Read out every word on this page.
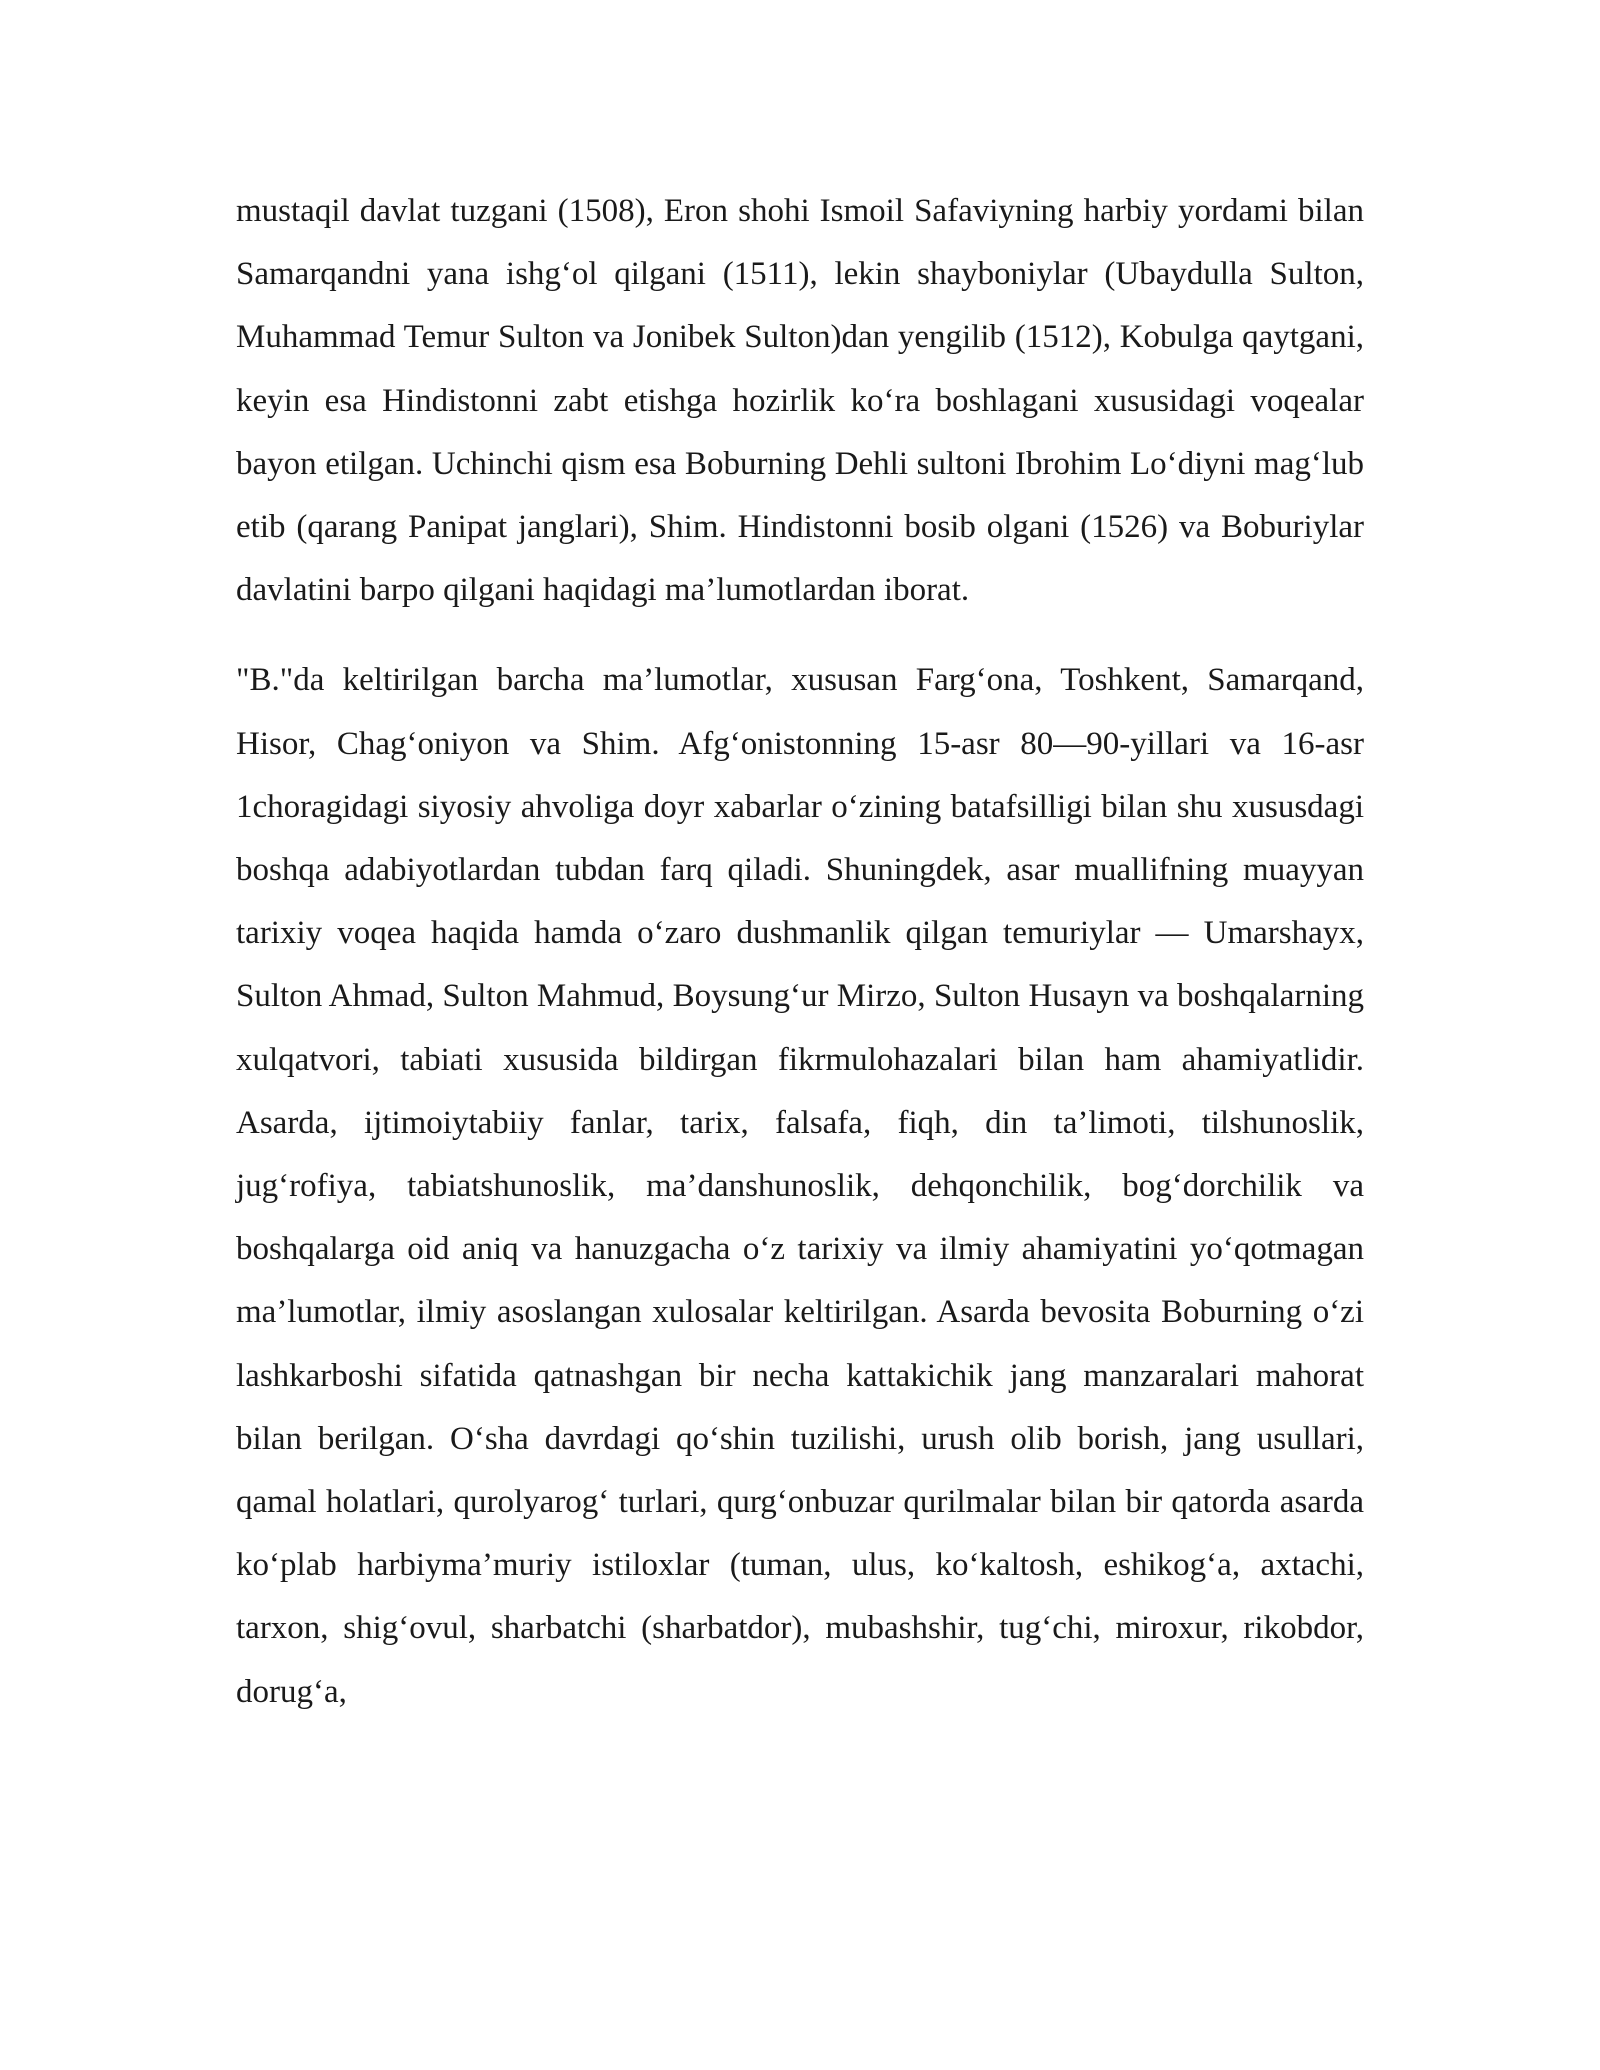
mustaqil davlat tuzgani (1508), Eron shohi Ismoil Safaviyning harbiy yordami bilan Samarqandni yana ishg‘ol qilgani (1511), lekin shayboniylar (Ubaydulla Sulton, Muhammad Temur Sulton va Jonibek Sulton)dan yengilib (1512), Kobulga qaytgani, keyin esa Hindistonni zabt etishga hozirlik ko‘ra boshlagani xususidagi voqealar bayon etilgan. Uchinchi qism esa Boburning Dehli sultoni Ibrohim Lo‘diyni mag‘lub etib (qarang Panipat janglari), Shim. Hindistonni bosib olgani (1526) va Boburiylar davlatini barpo qilgani haqidagi ma’lumotlardan iborat.

"B."da keltirilgan barcha ma’lumotlar, xususan Farg‘ona, Toshkent, Samarqand, Hisor, Chag‘oniyon va Shim. Afg‘onistonning 15-asr 80—90-yillari va 16-asr 1choragidagi siyosiy ahvoliga doyr xabarlar o‘zining batafsilligi bilan shu xususdagi boshqa adabiyotlardan tubdan farq qiladi. Shuningdek, asar muallifning muayyan tarixiy voqea haqida hamda o‘zaro dushmanlik qilgan temuriylar — Umarshayx, Sulton Ahmad, Sulton Mahmud, Boysung‘ur Mirzo, Sulton Husayn va boshqalarning xulqatvori, tabiati xususida bildirgan fikrmulohazalari bilan ham ahamiyatlidir. Asarda, ijtimoiytabiiy fanlar, tarix, falsafa, fiqh, din ta’limoti, tilshunoslik, jug‘rofiya, tabiatshunoslik, ma’danshunoslik, dehqonchilik, bog‘dorchilik va boshqalarga oid aniq va hanuzgacha o‘z tarixiy va ilmiy ahamiyatini yo‘qotmagan ma’lumotlar, ilmiy asoslangan xulosalar keltirilgan. Asarda bevosita Boburning o‘zi lashkarboshi sifatida qatnashgan bir necha kattakichik jang manzaralari mahorat bilan berilgan. O‘sha davrdagi qo‘shin tuzilishi, urush olib borish, jang usullari, qamal holatlari, qurolyarog‘ turlari, qurg‘onbuzar qurilmalar bilan bir qatorda asarda ko‘plab harbiyma’muriy istiloxlar (tuman, ulus, ko‘kaltosh, eshikog‘a, axtachi, tarxon, shig‘ovul, sharbatchi (sharbatdor), mubashshir, tug‘chi, miroxur, rikobdor, dorug‘a,
